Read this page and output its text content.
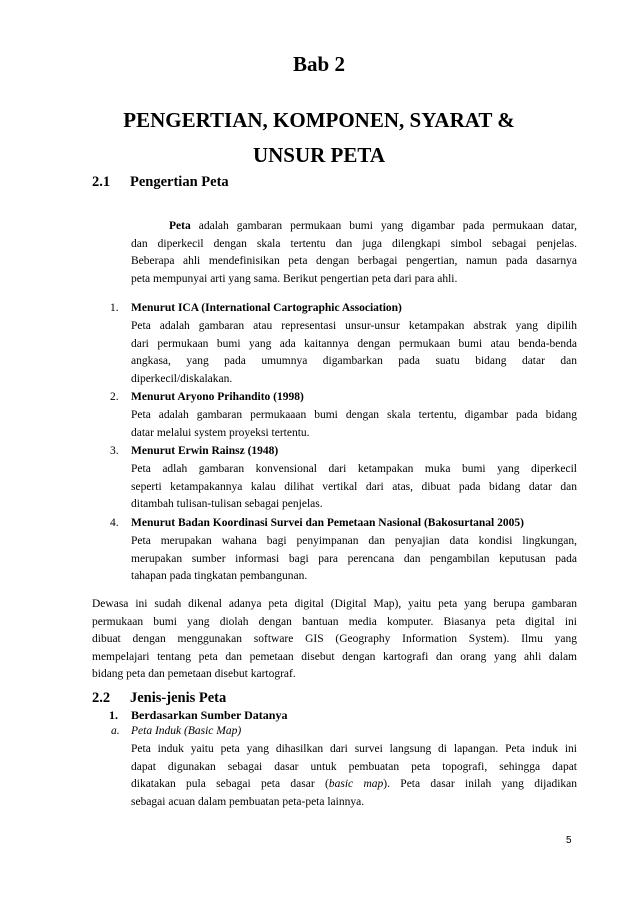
Bab 2
PENGERTIAN, KOMPONEN, SYARAT &
UNSUR PETA
2.1 Pengertian Peta
Peta adalah gambaran permukaan bumi yang digambar pada permukaan datar,
dan diperkecil dengan skala tertentu dan juga dilengkapi simbol sebagai penjelas.
Beberapa ahli mendefinisikan peta dengan berbagai pengertian, namun pada dasarnya
peta mempunyai arti yang sama. Berikut pengertian peta dari para ahli.
1. Menurut ICA (International Cartographic Association)
Peta adalah gambaran atau representasi unsur-unsur ketampakan abstrak yang dipilih
dari permukaan bumi yang ada kaitannya dengan permukaan bumi atau benda-benda
angkasa, yang pada umumnya digambarkan pada suatu bidang datar dan
diperkecil/diskalakan.
2. Menurut Aryono Prihandito (1998)
Peta adalah gambaran permukaaan bumi dengan skala tertentu, digambar pada bidang
datar melalui system proyeksi tertentu.
3. Menurut Erwin Rainsz (1948)
Peta adlah gambaran konvensional dari ketampakan muka bumi yang diperkecil
seperti ketampakannya kalau dilihat vertikal dari atas, dibuat pada bidang datar dan
ditambah tulisan-tulisan sebagai penjelas.
4. Menurut Badan Koordinasi Survei dan Pemetaan Nasional (Bakosurtanal 2005)
Peta merupakan wahana bagi penyimpanan dan penyajian data kondisi lingkungan,
merupakan sumber informasi bagi para perencana dan pengambilan keputusan pada
tahapan pada tingkatan pembangunan.
Dewasa ini sudah dikenal adanya peta digital (Digital Map), yaitu peta yang berupa gambaran
permukaan bumi yang diolah dengan bantuan media komputer. Biasanya peta digital ini
dibuat dengan menggunakan software GIS (Geography Information System). Ilmu yang
mempelajari tentang peta dan pemetaan disebut dengan kartografi dan orang yang ahli dalam
bidang peta dan pemetaan disebut kartograf.
2.2 Jenis-jenis Peta
1. Berdasarkan Sumber Datanya
a. Peta Induk (Basic Map)
Peta induk yaitu peta yang dihasilkan dari survei langsung di lapangan. Peta induk ini
dapat digunakan sebagai dasar untuk pembuatan peta topografi, sehingga dapat
dikatakan pula sebagai peta dasar (basic map). Peta dasar inilah yang dijadikan
sebagai acuan dalam pembuatan peta-peta lainnya.
5
